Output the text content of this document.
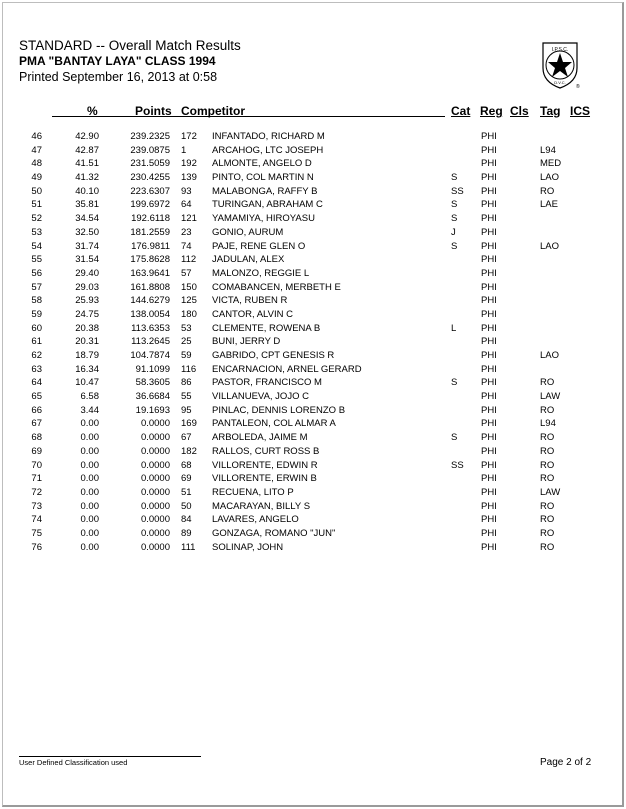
STANDARD -- Overall Match Results
PMA "BANTAY LAYA" CLASS 1994
Printed September 16, 2013 at 0:58
I.P.S.C.
D.V.C.
®
%	Points Competitor	Cat Reg Cls Tag ICS
46	42.90	239.2325 172 INFANTADO, RICHARD M	PHI
47	42.87	239.0875 1	ARCAHOG, LTC JOSEPH	PHI	L94
48	41.51	231.5059 192 ALMONTE, ANGELO D	PHI	MED
49	41.32	230.4255 139 PINTO, COL MARTIN N	S PHI	LAO
50	40.10	223.6307 93 MALABONGA, RAFFY B	SS PHI	RO
51	35.81	199.6972 64 TURINGAN, ABRAHAM C	S PHI	LAE
52	34.54	192.6118 121 YAMAMIYA, HIROYASU	S PHI
53	32.50	181.2559 23 GONIO, AURUM	J	PHI
54	31.74	176.9811 74 PAJE, RENE GLEN O	S PHI	LAO
55	31.54	175.8628 112 JADULAN, ALEX	PHI
56	29.40	163.9641 57 MALONZO, REGGIE L	PHI
57	29.03	161.8808 150 COMABANCEN, MERBETH E	PHI
58	25.93	144.6279 125 VICTA, RUBEN R	PHI
59	24.75	138.0054 180 CANTOR, ALVIN C	PHI
60	20.38	113.6353 53 CLEMENTE, ROWENA B	L	PHI
61	20.31	113.2645 25 BUNI, JERRY D	PHI
62	18.79	104.7874 59 GABRIDO, CPT GENESIS R	PHI	LAO
63	16.34	91.1099 116 ENCARNACION, ARNEL GERARD	PHI
64	10.47	58.3605 86 PASTOR, FRANCISCO M	S PHI	RO
65	6.58	36.6684 55 VILLANUEVA, JOJO C	PHI	LAW
66	3.44	19.1693 95 PINLAC, DENNIS LORENZO B	PHI	RO
67	0.00	0.0000 169 PANTALEON, COL ALMAR A	PHI	L94
68	0.00	0.0000 67 ARBOLEDA, JAIME M	S PHI	RO
69	0.00	0.0000 182 RALLOS, CURT ROSS B	PHI	RO
70	0.00	0.0000 68 VILLORENTE, EDWIN R	SS PHI	RO
71	0.00	0.0000 69 VILLORENTE, ERWIN B	PHI	RO
72	0.00	0.0000 51 RECUENA, LITO P	PHI	LAW
73	0.00	0.0000 50 MACARAYAN, BILLY S	PHI	RO
74	0.00	0.0000 84 LAVARES, ANGELO	PHI	RO
75	0.00	0.0000 89 GONZAGA, ROMANO "JUN"	PHI	RO
76	0.00	0.0000 111 SOLINAP, JOHN	PHI	RO
User Defined Classification used	Page 2 of 2
